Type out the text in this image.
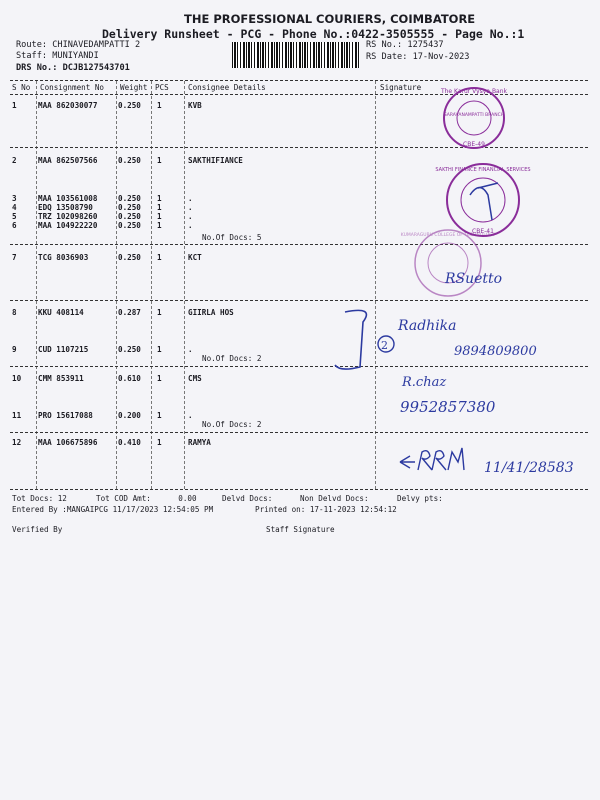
THE PROFESSIONAL COURIERS, COIMBATORE
Delivery Runsheet - PCG - Phone No.:0422-3505555 - Page No.:1
Route: CHINAVEDAMPATTI 2
Staff: MUNIYANDI
DRS No.: DCJB127543701
RS No.: 1275437
RS Date: 17-Nov-2023
S No Consignment No Weight PCS	Consignee Details	Signature
1	MAA 862030077	0.250 1	KVB
2	MAA 862507566	0.250 1	SAKTHIFIANCE
3	MAA 103561008	0.250 1	.
4	EDQ 13508790	0.250 1	.
5	TRZ 102098260	0.250 1	.
6	MAA 104922220	0.250 1	.
No.Of Docs: 5
7	TCG 8036903	0.250 1	KCT
8	KKU 408114	0.287 1	GIIRLA HOS
9	CUD 1107215	0.250 1	.
No.Of Docs: 2
10 CMM 853911	0.610 1	CMS
11 PRO 15617088	0.200 1	.
No.Of Docs: 2
12 MAA 106675896	0.410 1	RAMYA
Tot Docs: 12	Tot COD Amt:      0.00	Delvd Docs:	Non Delvd Docs:	Delvy pts:
Entered By :MANGAIPCG 11/17/2023 12:54:05 PM	Printed on: 17-11-2023 12:54:12
Verified By	Staff Signature
SARAVANAMPATTI BRANCH
The Karur Vysya Bank
CBE-49
SAKTHI FINANCE FINANCIAL SERVICES
CBE-41
KUMARAGURU COLLEGE OF TECHNOLOGY
RSuetto
2
Radhika
9894809800
R.chaz
9952857380
11/41/28583
